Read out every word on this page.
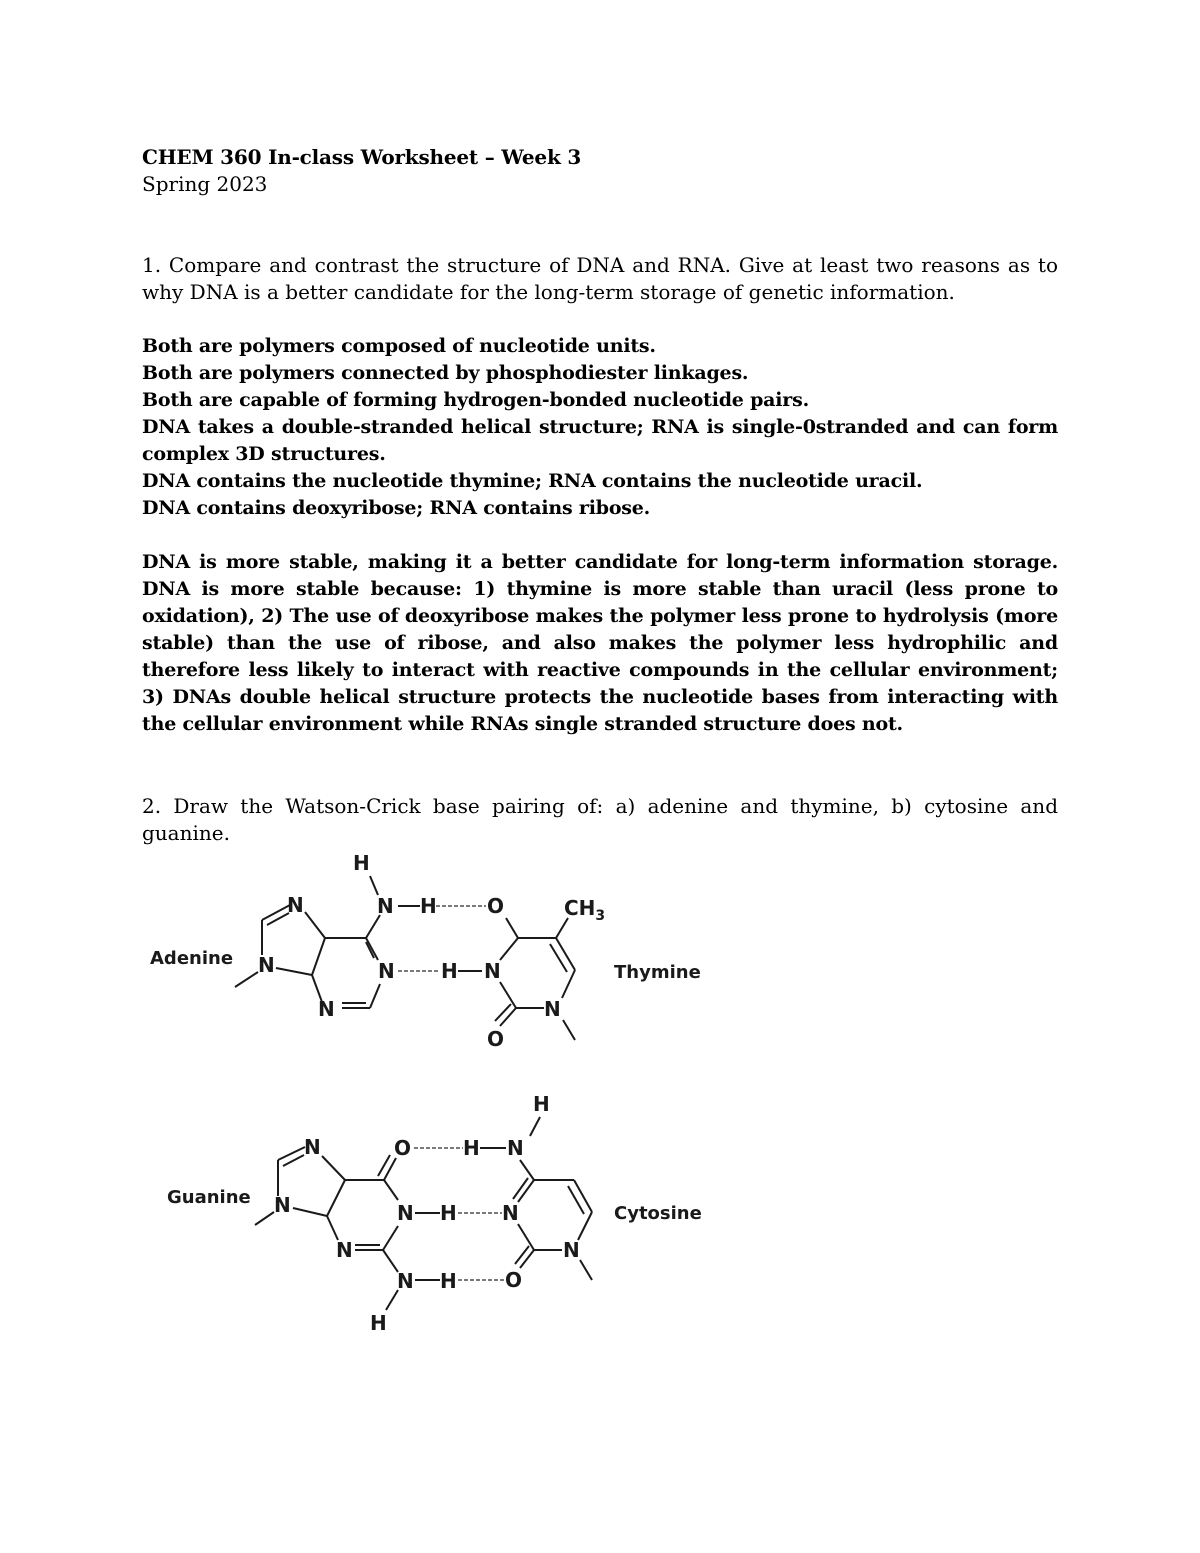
CHEM 360 In-class Worksheet – Week 3
Spring 2023
1. Compare and contrast the structure of DNA and RNA. Give at least two reasons as to why DNA is a better candidate for the long-term storage of genetic information.

Both are polymers composed of nucleotide units.

Both are polymers connected by phosphodiester linkages.

Both are capable of forming hydrogen-bonded nucleotide pairs.

DNA takes a double-stranded helical structure; RNA is single-0stranded and can form complex 3D structures.

DNA contains the nucleotide thymine; RNA contains the nucleotide uracil.

DNA contains deoxyribose; RNA contains ribose.

DNA is more stable, making it a better candidate for long-term information storage. DNA is more stable because: 1) thymine is more stable than uracil (less prone to oxidation), 2) The use of deoxyribose makes the polymer less prone to hydrolysis (more stable) than the use of ribose, and also makes the polymer less hydrophilic and therefore less likely to interact with reactive compounds in the cellular environment; 3) DNAs double helical structure protects the nucleotide bases from interacting with the cellular environment while RNAs single stranded structure does not.
2. Draw the Watson-Crick base pairing of: a) adenine and thymine, b) cytosine and guanine.
Adenine
Thymine
N
N
N
N
H
N H	O
H N
N
O
$CH_3$
Guanine
Cytosine
N
N
N
O
N H
N H
H
H N
H
N
N
O
